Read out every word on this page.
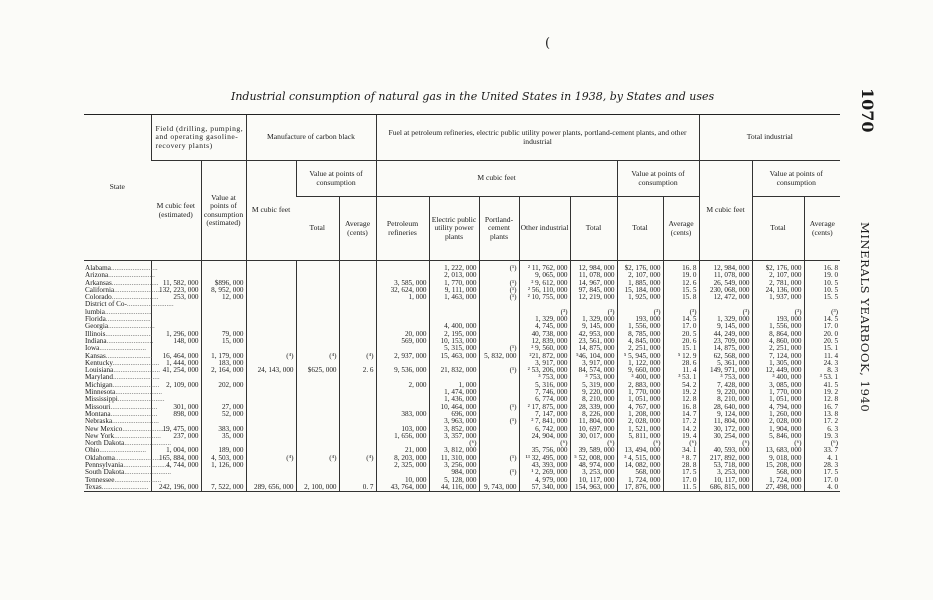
(
Industrial consumption of natural gas in the United States in 1938, by States and uses	1070
MINERALS YEARBOOK, 1940
State	Field (drilling, pumping, and operating gasoline-recovery plants)		Manufacture of carbon black			Fuel at petroleum refineries, electric public utility power plants, portland-cement plants, and other industrial							Total industrial		
	M cubic feet (estimated)	Value at points of consumption (estimated)	M cubic feet	Value at points of consumption		M cubic feet					Value at points of consumption		M cubic feet	Value at points of consumption	
				Total	Average (cents)	Petroleum refineries	Electric public utility power plants	Portland-cement plants	Other industrial	Total	Total	Average (cents)		Total	Average (cents)
Alabama..........................							1, 222, 000	(¹)	² 11, 762, 000	12, 984, 000	$2, 176, 000	16. 8	12, 984, 000	$2, 176, 000	16. 8
Arizona..........................							2, 013, 000		9, 065, 000	11, 078, 000	2, 107, 000	19. 0	11, 078, 000	2, 107, 000	19. 0
Arkansas..........................	11, 582, 000	$896, 000				3, 585, 000	1, 770, 000	(¹)	² 9, 612, 000	14, 967, 000	1, 885, 000	12. 6	26, 549, 000	2, 781, 000	10. 5
California..........................	132, 223, 000	8, 952, 000				32, 624, 000	9, 111, 000	(¹)	² 56, 110, 000	97, 845, 000	15, 184, 000	15. 5	230, 068, 000	24, 136, 000	10. 5
Colorado..........................	253, 000	12, 000				1, 000	1, 463, 000	(¹)	² 10, 755, 000	12, 219, 000	1, 925, 000	15. 8	12, 472, 000	1, 937, 000	15. 5
District of Co-..........................															
lumbia..........................									(³)	(³)	(³)	(³)	(³)	(³)	(³)
Florida..........................									1, 329, 000	1, 329, 000	193, 000	14. 5	1, 329, 000	193, 000	14. 5
Georgia..........................							4, 400, 000		4, 745, 000	9, 145, 000	1, 556, 000	17. 0	9, 145, 000	1, 556, 000	17. 0
Illinois..........................	1, 296, 000	79, 000				20, 000	2, 195, 000		40, 738, 000	42, 953, 000	8, 785, 000	20. 5	44, 249, 000	8, 864, 000	20. 0
Indiana..........................	148, 000	15, 000				569, 000	10, 153, 000		12, 839, 000	23, 561, 000	4, 845, 000	20. 6	23, 709, 000	4, 860, 000	20. 5
Iowa..........................							5, 315, 000	(¹)	² 9, 560, 000	14, 875, 000	2, 251, 000	15. 1	14, 875, 000	2, 251, 000	15. 1
Kansas..........................	16, 464, 000	1, 179, 000	(⁴)	(⁴)	(⁴)	2, 937, 000	15, 463, 000	5, 832, 000	²21, 872, 000	⁵46, 104, 000	⁵ 5, 945, 000	⁵ 12. 9	62, 568, 000	7, 124, 000	11. 4
Kentucky..........................	1, 444, 000	183, 000							3, 917, 000	3, 917, 000	1, 122, 000	28. 6	5, 361, 000	1, 305, 000	24. 3
Louisiana..........................	41, 254, 000	2, 164, 000	24, 143, 000	$625, 000	2. 6	9, 536, 000	21, 832, 000	(¹)	² 53, 206, 000	84, 574, 000	9, 660, 000	11. 4	149, 971, 000	12, 449, 000	8. 3
Maryland..........................									³ 753, 000	³ 753, 000	³ 400, 000	³ 53. 1	³ 753, 000	³ 400, 000	³ 53. 1
Michigan..........................	2, 109, 000	202, 000				2, 000	1, 000		5, 316, 000	5, 319, 000	2, 883, 000	54. 2	7, 428, 000	3, 085, 000	41. 5
Minnesota..........................							1, 474, 000		7, 746, 000	9, 220, 000	1, 770, 000	19. 2	9, 220, 000	1, 770, 000	19. 2
Mississippi..........................							1, 436, 000		6, 774, 000	8, 210, 000	1, 051, 000	12. 8	8, 210, 000	1, 051, 000	12. 8
Missouri..........................	301, 000	27, 000					10, 464, 000	(¹)	² 17, 875, 000	28, 339, 000	4, 767, 000	16. 8	28, 640, 000	4, 794, 000	16. 7
Montana..........................	898, 000	52, 000				383, 000	696, 000		7, 147, 000	8, 226, 000	1, 208, 000	14. 7	9, 124, 000	1, 260, 000	13. 8
Nebraska..........................							3, 963, 000	(¹)	² 7, 841, 000	11, 804, 000	2, 028, 000	17. 2	11, 804, 000	2, 028, 000	17. 2
New Mexico..........................	19, 475, 000	383, 000				103, 000	3, 852, 000		6, 742, 000	10, 697, 000	1, 521, 000	14. 2	30, 172, 000	1, 904, 000	6. 3
New York..........................	237, 000	35, 000				1, 656, 000	3, 357, 000		24, 904, 000	30, 017, 000	5, 811, 000	19. 4	30, 254, 000	5, 846, 000	19. 3
North Dakota..........................							(⁶)		(⁶)	(⁶)	(⁶)	(⁶)	(⁶)	(⁶)	(⁶)
Ohio..........................	1, 004, 000	189, 000				21, 000	3, 812, 000		35, 756, 000	39, 589, 000	13, 494, 000	34. 1	40, 593, 000	13, 683, 000	33. 7
Oklahoma..........................	165, 884, 000	4, 503, 000	(⁴)	(⁴)	(⁴)	8, 203, 000	11, 310, 000	(¹)	¹³ 32, 495, 000	⁵ 52, 008, 000	³ 4, 515, 000	³ 8. 7	217, 892, 000	9, 018, 000	4. 1
Pennsylvania..........................	4, 744, 000	1, 126, 000				2, 325, 000	3, 256, 000		43, 393, 000	48, 974, 000	14, 082, 000	28. 8	53, 718, 000	15, 208, 000	28. 3
South Dakota..........................							984, 000	(¹)	¹ 2, 269, 000	3, 253, 000	568, 000	17. 5	3, 253, 000	568, 000	17. 5
Tennessee..........................						10, 000	5, 128, 000		4, 979, 000	10, 117, 000	1, 724, 000	17. 0	10, 117, 000	1, 724, 000	17. 0
Texas..........................	242, 196, 000	7, 522, 000	289, 656, 000	2, 100, 000	0. 7	43, 764, 000	44, 116, 000	9, 743, 000	57, 340, 000	154, 963, 000	17, 876, 000	11. 5	686, 815, 000	27, 498, 000	4. 0
